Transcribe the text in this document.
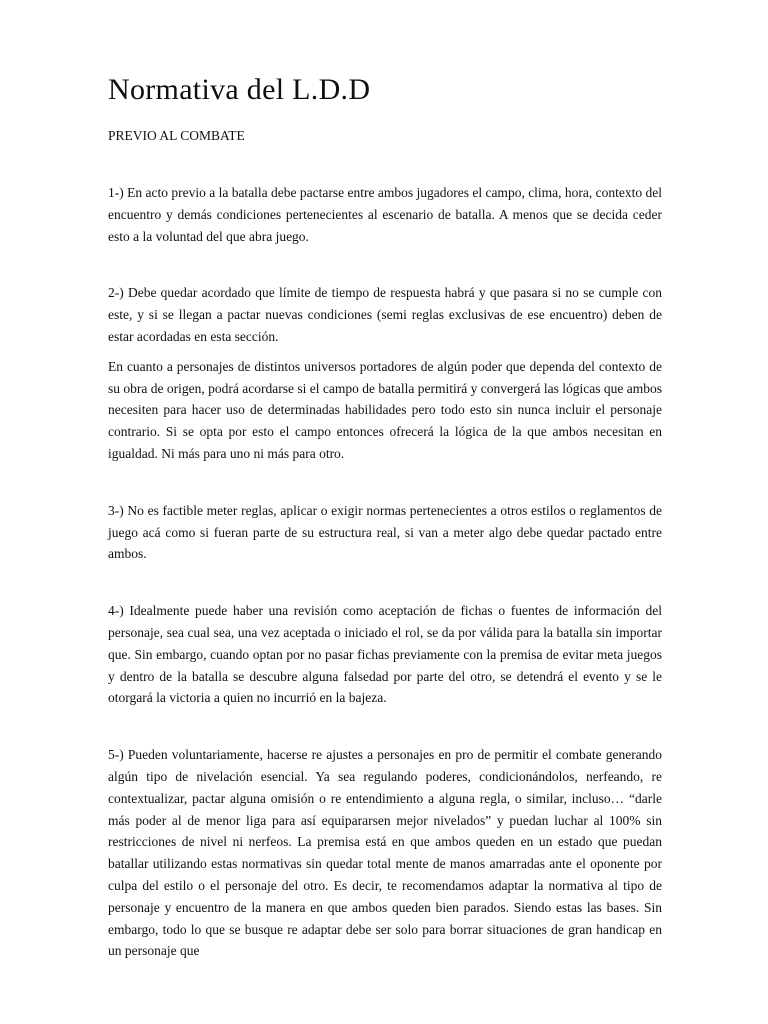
Normativa del L.D.D
PREVIO AL COMBATE

1-) En acto previo a la batalla debe pactarse entre ambos jugadores el campo, clima, hora, contexto del encuentro y demás condiciones pertenecientes al escenario de batalla. A menos que se decida ceder esto a la voluntad del que abra juego.

2-) Debe quedar acordado que límite de tiempo de respuesta habrá y que pasara si no se cumple con este, y si se llegan a pactar nuevas condiciones (semi reglas exclusivas de ese encuentro) deben de estar acordadas en esta sección.

En cuanto a personajes de distintos universos portadores de algún poder que dependa del contexto de su obra de origen, podrá acordarse si el campo de batalla permitirá y convergerá las lógicas que ambos necesiten para hacer uso de determinadas habilidades pero todo esto sin nunca incluir el personaje contrario. Si se opta por esto el campo entonces ofrecerá la lógica de la que ambos necesitan en igualdad. Ni más para uno ni más para otro.

3-) No es factible meter reglas, aplicar o exigir normas pertenecientes a otros estilos o reglamentos de juego acá como si fueran parte de su estructura real, si van a meter algo debe quedar pactado entre ambos.

4-) Idealmente puede haber una revisión como aceptación de fichas o fuentes de información del personaje, sea cual sea, una vez aceptada o iniciado el rol, se da por válida para la batalla sin importar que. Sin embargo, cuando optan por no pasar fichas previamente con la premisa de evitar meta juegos y dentro de la batalla se descubre alguna falsedad por parte del otro, se detendrá el evento y se le otorgará la victoria a quien no incurrió en la bajeza.

5-) Pueden voluntariamente, hacerse re ajustes a personajes en pro de permitir el combate generando algún tipo de nivelación esencial. Ya sea regulando poderes, condicionándolos, nerfeando, re contextualizar, pactar alguna omisión o re entendimiento a alguna regla, o similar, incluso… “darle más poder al de menor liga para así equipararsen mejor nivelados” y puedan luchar al 100% sin restricciones de nivel ni nerfeos. La premisa está en que ambos queden en un estado que puedan batallar utilizando estas normativas sin quedar total mente de manos amarradas ante el oponente por culpa del estilo o el personaje del otro. Es decir, te recomendamos adaptar la normativa al tipo de personaje y encuentro de la manera en que ambos queden bien parados. Siendo estas las bases. Sin embargo, todo lo que se busque re adaptar debe ser solo para borrar situaciones de gran handicap en un personaje que
